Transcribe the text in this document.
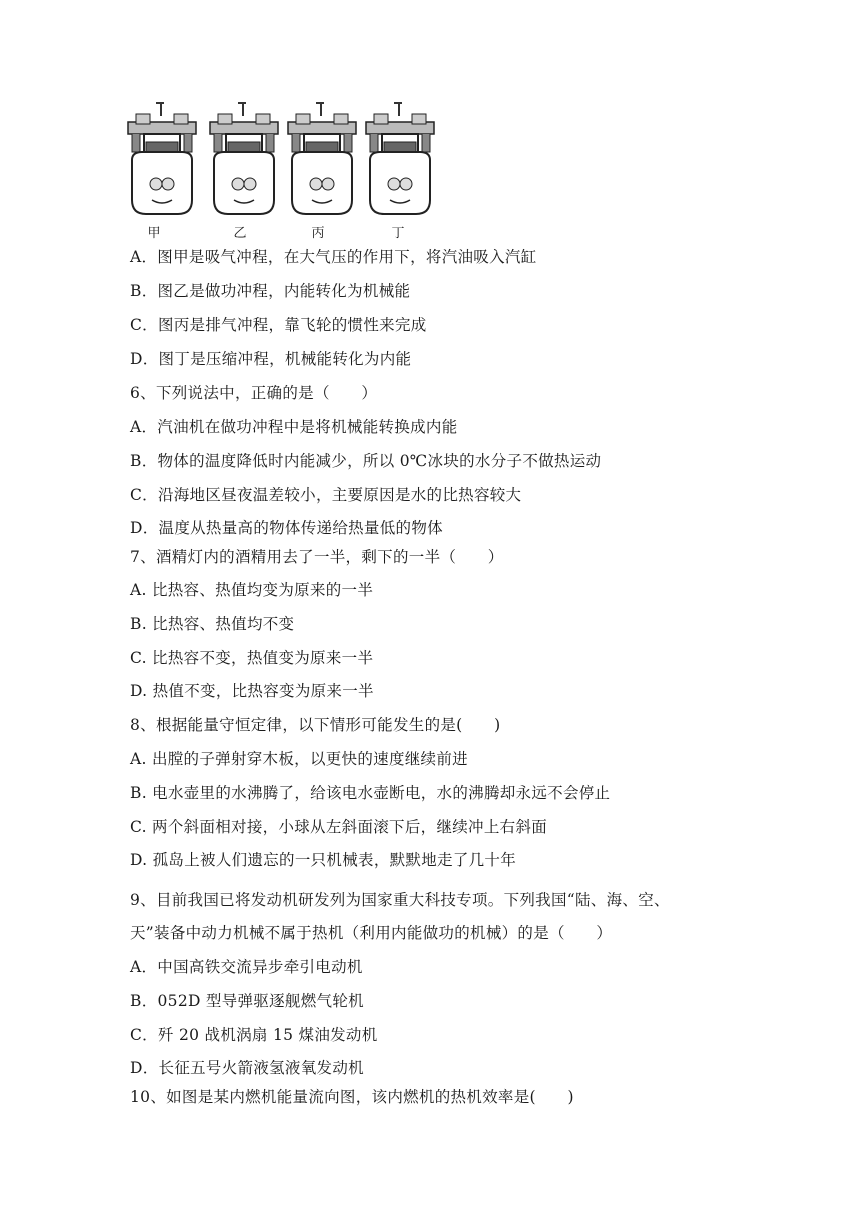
甲	乙	丙	丁
A．图甲是吸气冲程，在大气压的作用下，将汽油吸入汽缸
B．图乙是做功冲程，内能转化为机械能
C．图丙是排气冲程，靠飞轮的惯性来完成
D．图丁是压缩冲程，机械能转化为内能
6、下列说法中，正确的是（　　）
A．汽油机在做功冲程中是将机械能转换成内能
B．物体的温度降低时内能减少，所以 0℃冰块的水分子不做热运动
C．沿海地区昼夜温差较小，主要原因是水的比热容较大
D．温度从热量高的物体传递给热量低的物体
7、酒精灯内的酒精用去了一半，剩下的一半（　　）
A. 比热容、热值均变为原来的一半
B. 比热容、热值均不变
C. 比热容不变，热值变为原来一半
D. 热值不变，比热容变为原来一半
8、根据能量守恒定律，以下情形可能发生的是(　　)
A. 出膛的子弹射穿木板，以更快的速度继续前进
B. 电水壶里的水沸腾了，给该电水壶断电，水的沸腾却永远不会停止
C. 两个斜面相对接，小球从左斜面滚下后，继续冲上右斜面
D. 孤岛上被人们遗忘的一只机械表，默默地走了几十年
9、目前我国已将发动机研发列为国家重大科技专项。下列我国“陆、海、空、
天”装备中动力机械不属于热机（利用内能做功的机械）的是（　　）
A．中国高铁交流异步牵引电动机
B．052D 型导弹驱逐舰燃气轮机
C．歼 20 战机涡扇 15 煤油发动机
D．长征五号火箭液氢液氧发动机
10、如图是某内燃机能量流向图，该内燃机的热机效率是(　　)
